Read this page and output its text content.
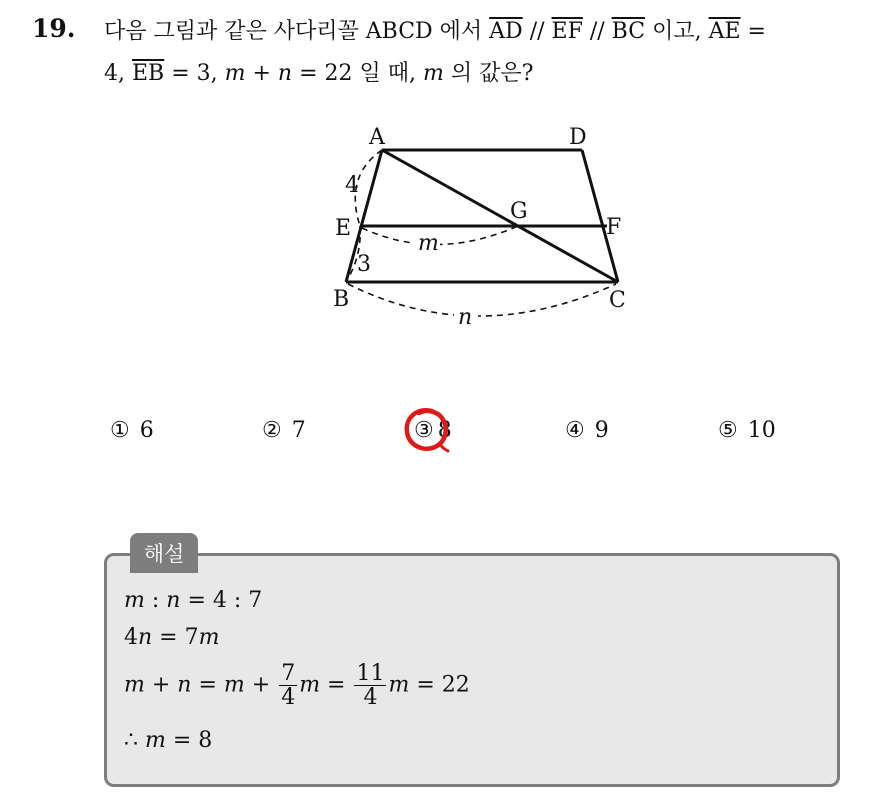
19. 다음 그림과 같은 사다리꼴 ABCD 에서 $\overline{AD} // \overline{EF} // \overline{BC}$ 이고, $\overline{AE}$ =
4, $\overline{EB} = 3$, m + n = 22 일 때, m 의 값은?
A	D
E
G
F
B	C
4
3
m
n
① 6	② 7	③ 8	④ 9	⑤ 10
해설
m : n = 4 : 7
4n = 7m
$m + n = m + \frac{7}{4}$ $m = \frac{11}{4}$ m = 22
∴ m = 8
